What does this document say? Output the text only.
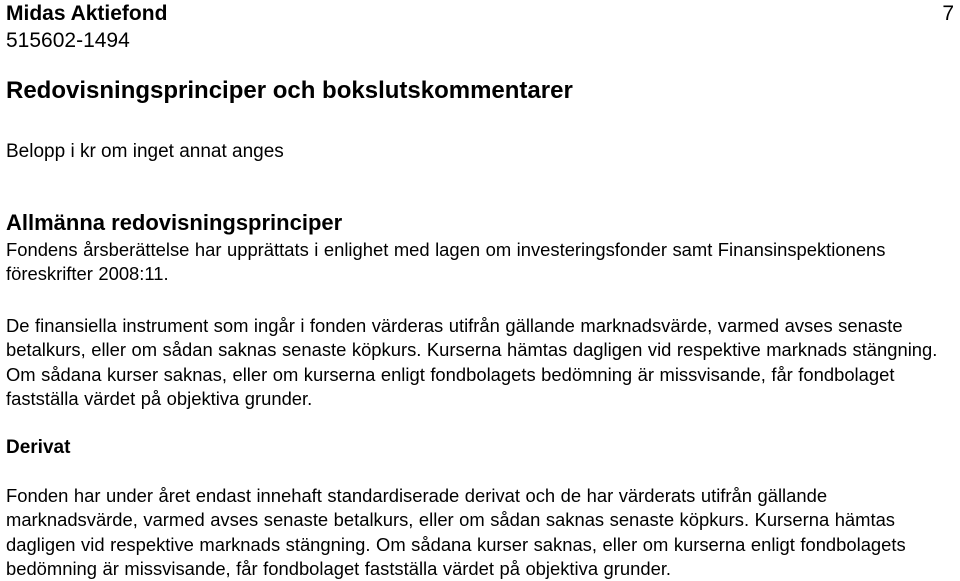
Midas Aktiefond
515602-1494
7
Redovisningsprinciper och bokslutskommentarer
Belopp i kr om inget annat anges
Allmänna redovisningsprinciper

Fondens årsberättelse har upprättats i enlighet med lagen om investeringsfonder samt Finansinspektionens föreskrifter 2008:11.

De finansiella instrument som ingår i fonden värderas utifrån gällande marknadsvärde, varmed avses senaste betalkurs, eller om sådan saknas senaste köpkurs. Kurserna hämtas dagligen vid respektive marknads stängning. Om sådana kurser saknas, eller om kurserna enligt fondbolagets bedömning är missvisande, får fondbolaget fastställa värdet på objektiva grunder.

Derivat

Fonden har under året endast innehaft standardiserade derivat och de har värderats utifrån gällande marknadsvärde, varmed avses senaste betalkurs, eller om sådan saknas senaste köpkurs. Kurserna hämtas dagligen vid respektive marknads stängning. Om sådana kurser saknas, eller om kurserna enligt fondbolagets bedömning är missvisande, får fondbolaget fastställa värdet på objektiva grunder.
